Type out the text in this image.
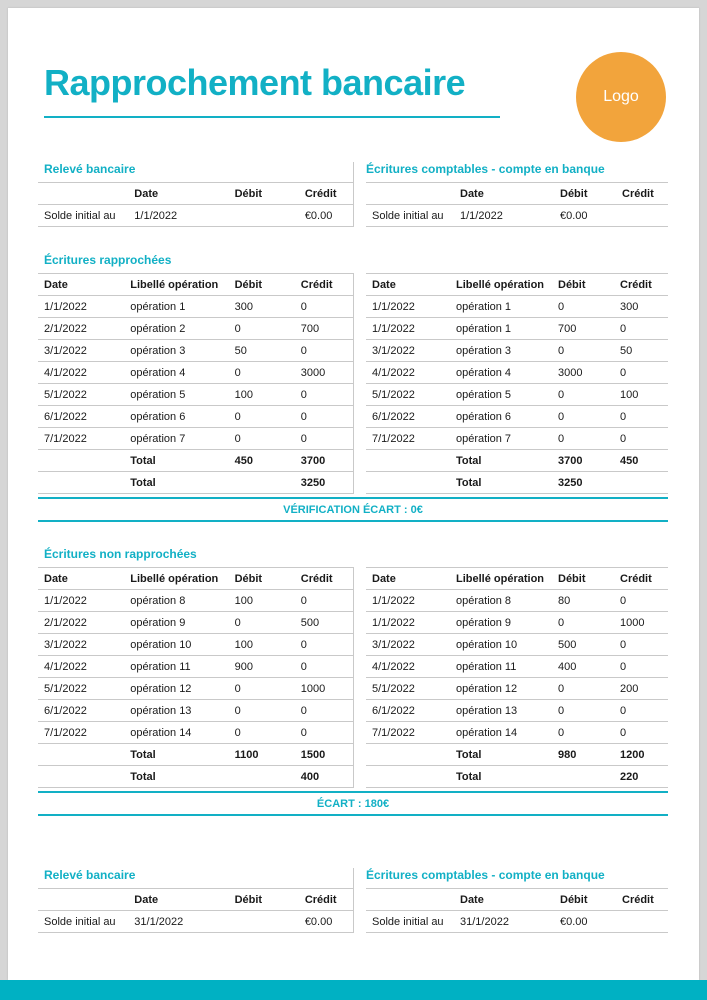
Rapprochement bancaire	Logo
Relevé bancaire
	Date	Débit	Crédit
Solde initial au	1/1/2022		€0.00
Écritures comptables - compte en banque
	Date	Débit	Crédit
Solde initial au	1/1/2022	€0.00	
Écritures rapprochées
Date	Libellé opération	Débit	Crédit
1/1/2022	opération 1	300	0
2/1/2022	opération 2	0	700
3/1/2022	opération 3	50	0
4/1/2022	opération 4	0	3000
5/1/2022	opération 5	100	0
6/1/2022	opération 6	0	0
7/1/2022	opération 7	0	0
	Total	450	3700
	Total		3250
Date	Libellé opération	Débit	Crédit
1/1/2022	opération 1	0	300
1/1/2022	opération 1	700	0
3/1/2022	opération 3	0	50
4/1/2022	opération 4	3000	0
5/1/2022	opération 5	0	100
6/1/2022	opération 6	0	0
7/1/2022	opération 7	0	0
	Total	3700	450
	Total	3250	
VÉRIFICATION ÉCART : 0€
Écritures non rapprochées
Date	Libellé opération	Débit	Crédit
1/1/2022	opération 8	100	0
2/1/2022	opération 9	0	500
3/1/2022	opération 10	100	0
4/1/2022	opération 11	900	0
5/1/2022	opération 12	0	1000
6/1/2022	opération 13	0	0
7/1/2022	opération 14	0	0
	Total	1100	1500
	Total		400
Date	Libellé opération	Débit	Crédit
1/1/2022	opération 8	80	0
1/1/2022	opération 9	0	1000
3/1/2022	opération 10	500	0
4/1/2022	opération 11	400	0
5/1/2022	opération 12	0	200
6/1/2022	opération 13	0	0
7/1/2022	opération 14	0	0
	Total	980	1200
	Total		220
ÉCART : 180€
Relevé bancaire
	Date	Débit	Crédit
Solde initial au	31/1/2022		€0.00
Écritures comptables - compte en banque
	Date	Débit	Crédit
Solde initial au	31/1/2022	€0.00	
